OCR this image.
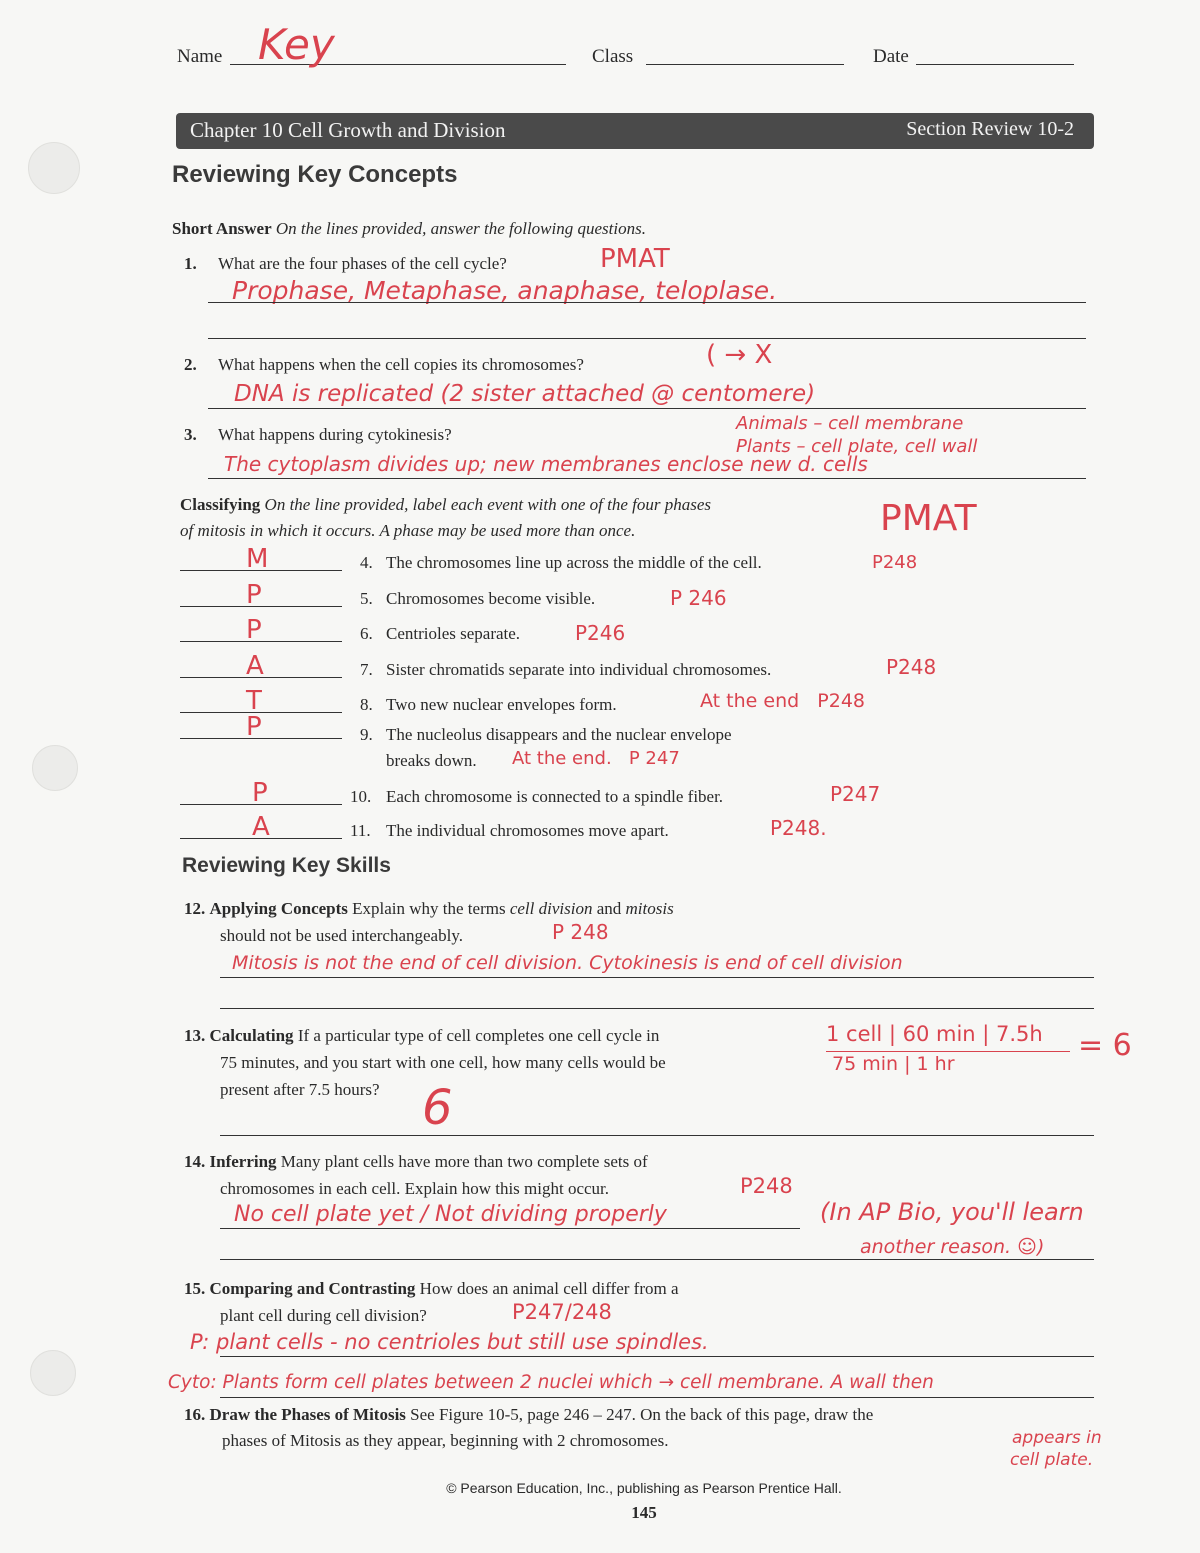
Name Key	Class	Date
Chapter 10 Cell Growth and Division	Section Review 10-2
Reviewing Key Concepts
Short Answer On the lines provided, answer the following questions.
1. What are the four phases of the cell cycle?	PMAT
Prophase, Metaphase, anaphase, teloplase.
2. What happens when the cell copies its chromosomes?	( → X
DNA is replicated (2 sister attached @ centomere)
3. What happens during cytokinesis?
Animals – cell membrane
Plants – cell plate, cell wall
The cytoplasm divides up; new membranes enclose new d. cells
Classifying On the line provided, label each event with one of the four phases
of mitosis in which it occurs. A phase may be used more than once.	PMAT
M	4. The chromosomes line up across the middle of the cell.	P248
P	5. Chromosomes become visible.	P 246
P	6. Centrioles separate.	P246
A	7. Sister chromatids separate into individual chromosomes.	P248
T	8. Two new nuclear envelopes form.	At the end   P248
P	9. The nucleolus disappears and the nuclear envelope
breaks down. At the end.   P 247
P	10. Each chromosome is connected to a spindle fiber.	P247
A	11. The individual chromosomes move apart.	P248.
Reviewing Key Skills
12. Applying Concepts Explain why the terms cell division and mitosis
should not be used interchangeably.	P 248
Mitosis is not the end of cell division. Cytokinesis is end of cell division
13. Calculating If a particular type of cell completes one cell cycle in
75 minutes, and you start with one cell, how many cells would be
present after 7.5 hours?
1 cell | 60 min | 7.5h
75 min | 1 hr
= 6
6
14. Inferring Many plant cells have more than two complete sets of
chromosomes in each cell. Explain how this might occur.	P248
No cell plate yet / Not dividing properly	(In AP Bio, you'll learn
another reason. ☺)
15. Comparing and Contrasting How does an animal cell differ from a
plant cell during cell division?	P247/248
P: plant cells - no centrioles but still use spindles.
Cyto: Plants form cell plates between 2 nuclei which → cell membrane. A wall then
16. Draw the Phases of Mitosis See Figure 10-5, page 246 – 247. On the back of this page, draw the
phases of Mitosis as they appear, beginning with 2 chromosomes.	appears in
cell plate.
© Pearson Education, Inc., publishing as Pearson Prentice Hall.
145
